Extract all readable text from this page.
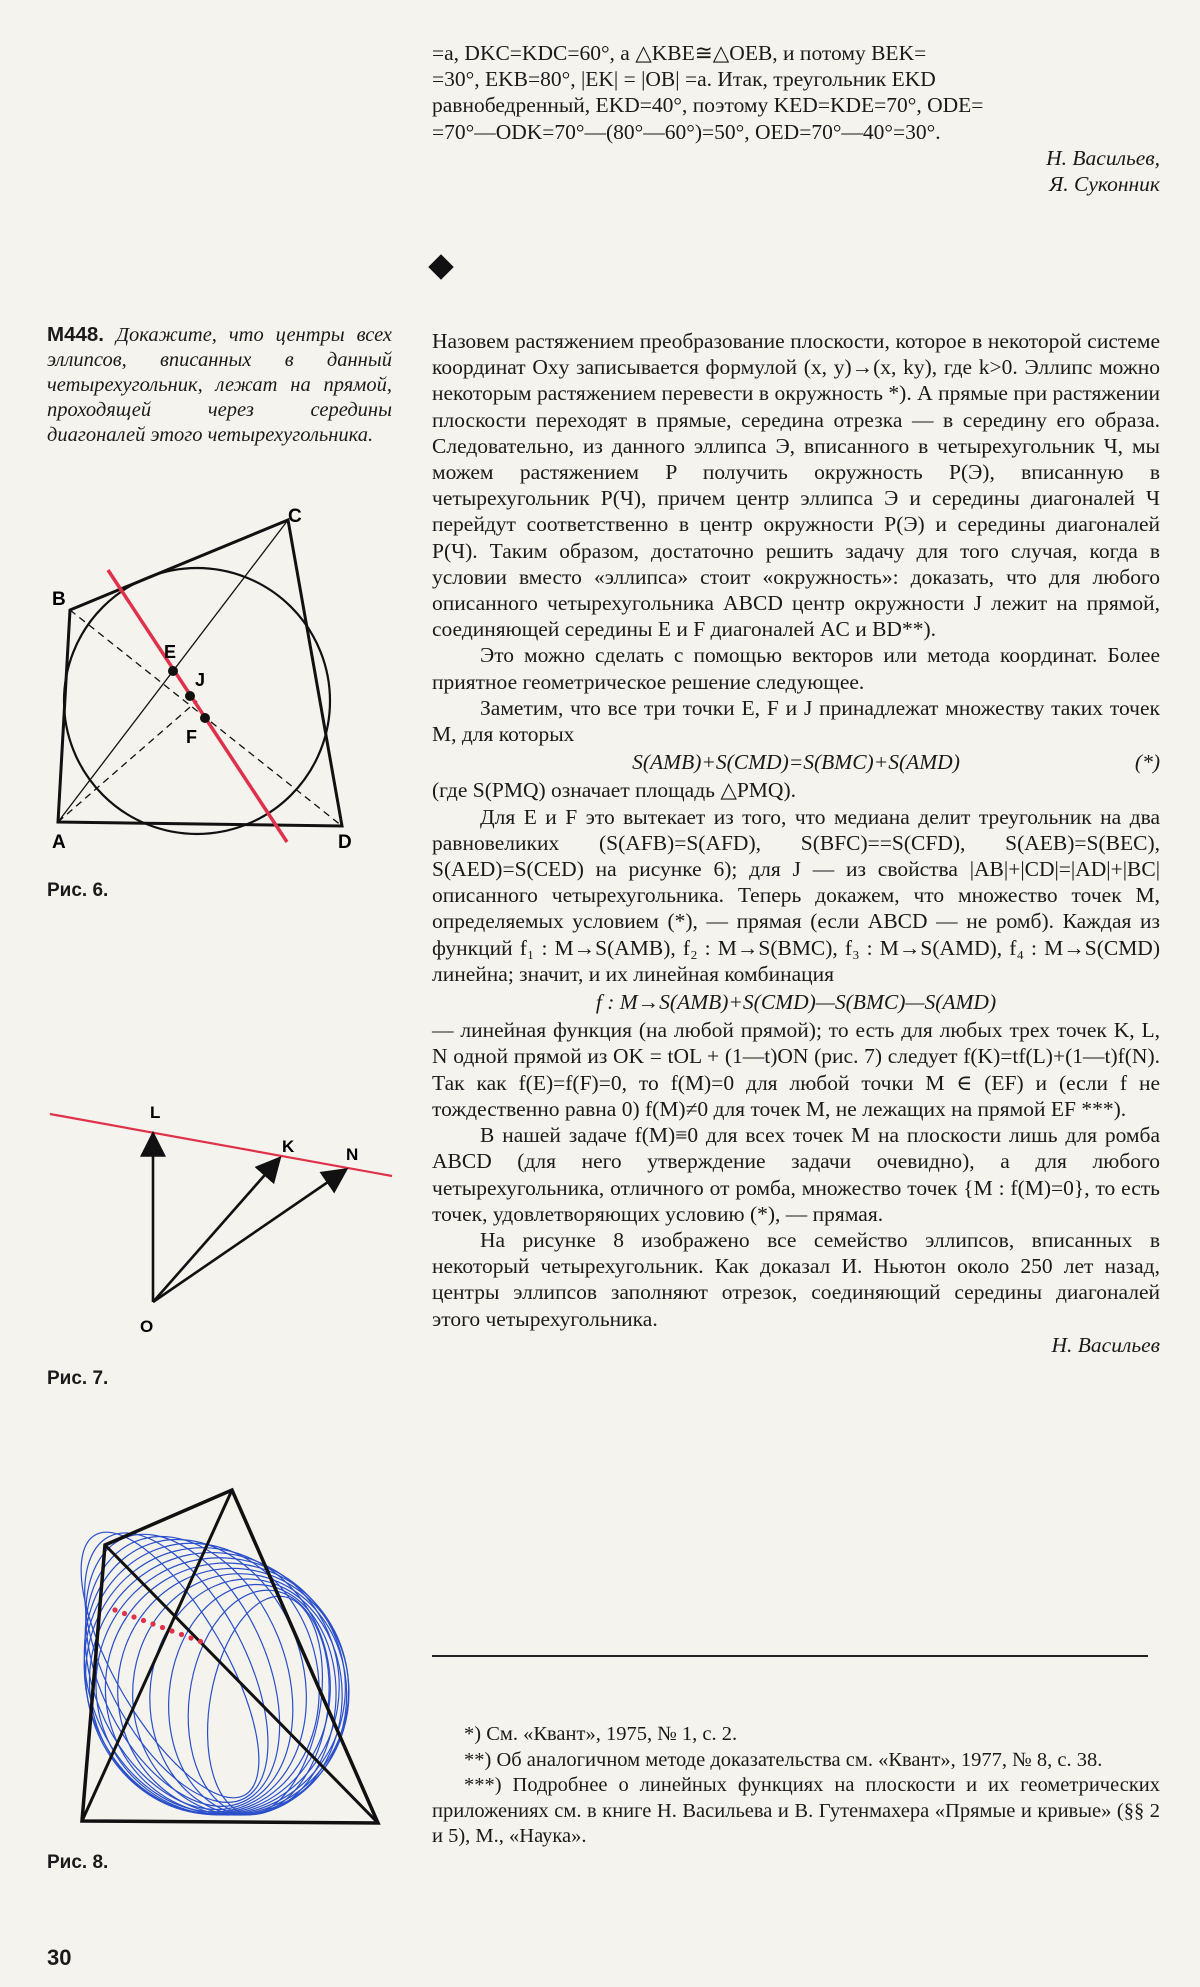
=a, DKC=KDC=60°, а △KBE≅△OEB, и потому BEK=

=30°, EKB=80°, |EK| = |OB| =a. Итак, треугольник EKD

равнобедренный, EKD=40°, поэтому KED=KDE=70°, ODE=

=70°—ODK=70°—(80°—60°)=50°, OED=70°—40°=30°.

Н. Васильев,
Я. Суконник
М448. Докажите, что центры всех эллипсов, вписанных в данный четырехугольник, лежат на прямой, проходящей через середины диагоналей этого четырехугольника.
A
B
C
D
E
J
F
Рис. 6.
L
K	N
O
Рис. 7.
Рис. 8.

Назовем растяжением преобразование плоскости, которое в некоторой системе координат Oxy записывается формулой (x, y)→(x, ky), где k>0. Эллипс можно некоторым растяжением перевести в окружность *). А прямые при растяжении плоскости переходят в прямые, середина отрезка — в середину его образа. Следовательно, из данного эллипса Э, вписанного в четырехугольник Ч, мы можем растяжением P получить окружность P(Э), вписанную в четырехугольник P(Ч), причем центр эллипса Э и середины диагоналей Ч перейдут соответственно в центр окружности P(Э) и середины диагоналей P(Ч). Таким образом, достаточно решить задачу для того случая, когда в условии вместо «эллипса» стоит «окружность»: доказать, что для любого описанного четырехугольника ABCD центр окружности J лежит на прямой, соединяющей середины E и F диагоналей AC и BD**).

Это можно сделать с помощью векторов или метода координат. Более приятное геометрическое решение следующее.

Заметим, что все три точки E, F и J принадлежат множеству таких точек M, для которых

S(AMB)+S(CMD)=S(BMC)+S(AMD)	(*)

(где S(PMQ) означает площадь △PMQ).

Для E и F это вытекает из того, что медиана делит треугольник на два равновеликих (S(AFB)=S(AFD), S(BFC)==S(CFD), S(AEB)=S(BEC), S(AED)=S(CED) на рисунке 6); для J — из свойства |AB|+|CD|=|AD|+|BC| описанного четырехугольника. Теперь докажем, что множество точек M, определяемых условием (*), — прямая (если ABCD — не ромб). Каждая из функций f₁ : M→S(AMB), f₂ : M→S(BMC), f₃ : M→S(AMD), f₄ : M→S(CMD) линейна; значит, и их линейная комбинация

f : M→S(AMB)+S(CMD)—S(BMC)—S(AMD)

— линейная функция (на любой прямой); то есть для любых трех точек K, L, N одной прямой из OK = tOL + (1—t)ON (рис. 7) следует f(K)=tf(L)+(1—t)f(N). Так как f(E)=f(F)=0, то f(M)=0 для любой точки M ∈ (EF) и (если f не тождественно равна 0) f(M)≠0 для точек M, не лежащих на прямой EF ***).

В нашей задаче f(M)≡0 для всех точек M на плоскости лишь для ромба ABCD (для него утверждение задачи очевидно), а для любого четырехугольника, отличного от ромба, множество точек {M : f(M)=0}, то есть точек, удовлетворяющих условию (*), — прямая.

На рисунке 8 изображено все семейство эллипсов, вписанных в некоторый четырехугольник. Как доказал И. Ньютон около 250 лет назад, центры эллипсов заполняют отрезок, соединяющий середины диагоналей этого четырехугольника.

Н. Васильев

*) См. «Квант», 1975, № 1, с. 2.

**) Об аналогичном методе доказательства см. «Квант», 1977, № 8, с. 38.

***) Подробнее о линейных функциях на плоскости и их геометрических приложениях см. в книге Н. Васильева и В. Гутенмахера «Прямые и кривые» (§§ 2 и 5), М., «Наука».

30
